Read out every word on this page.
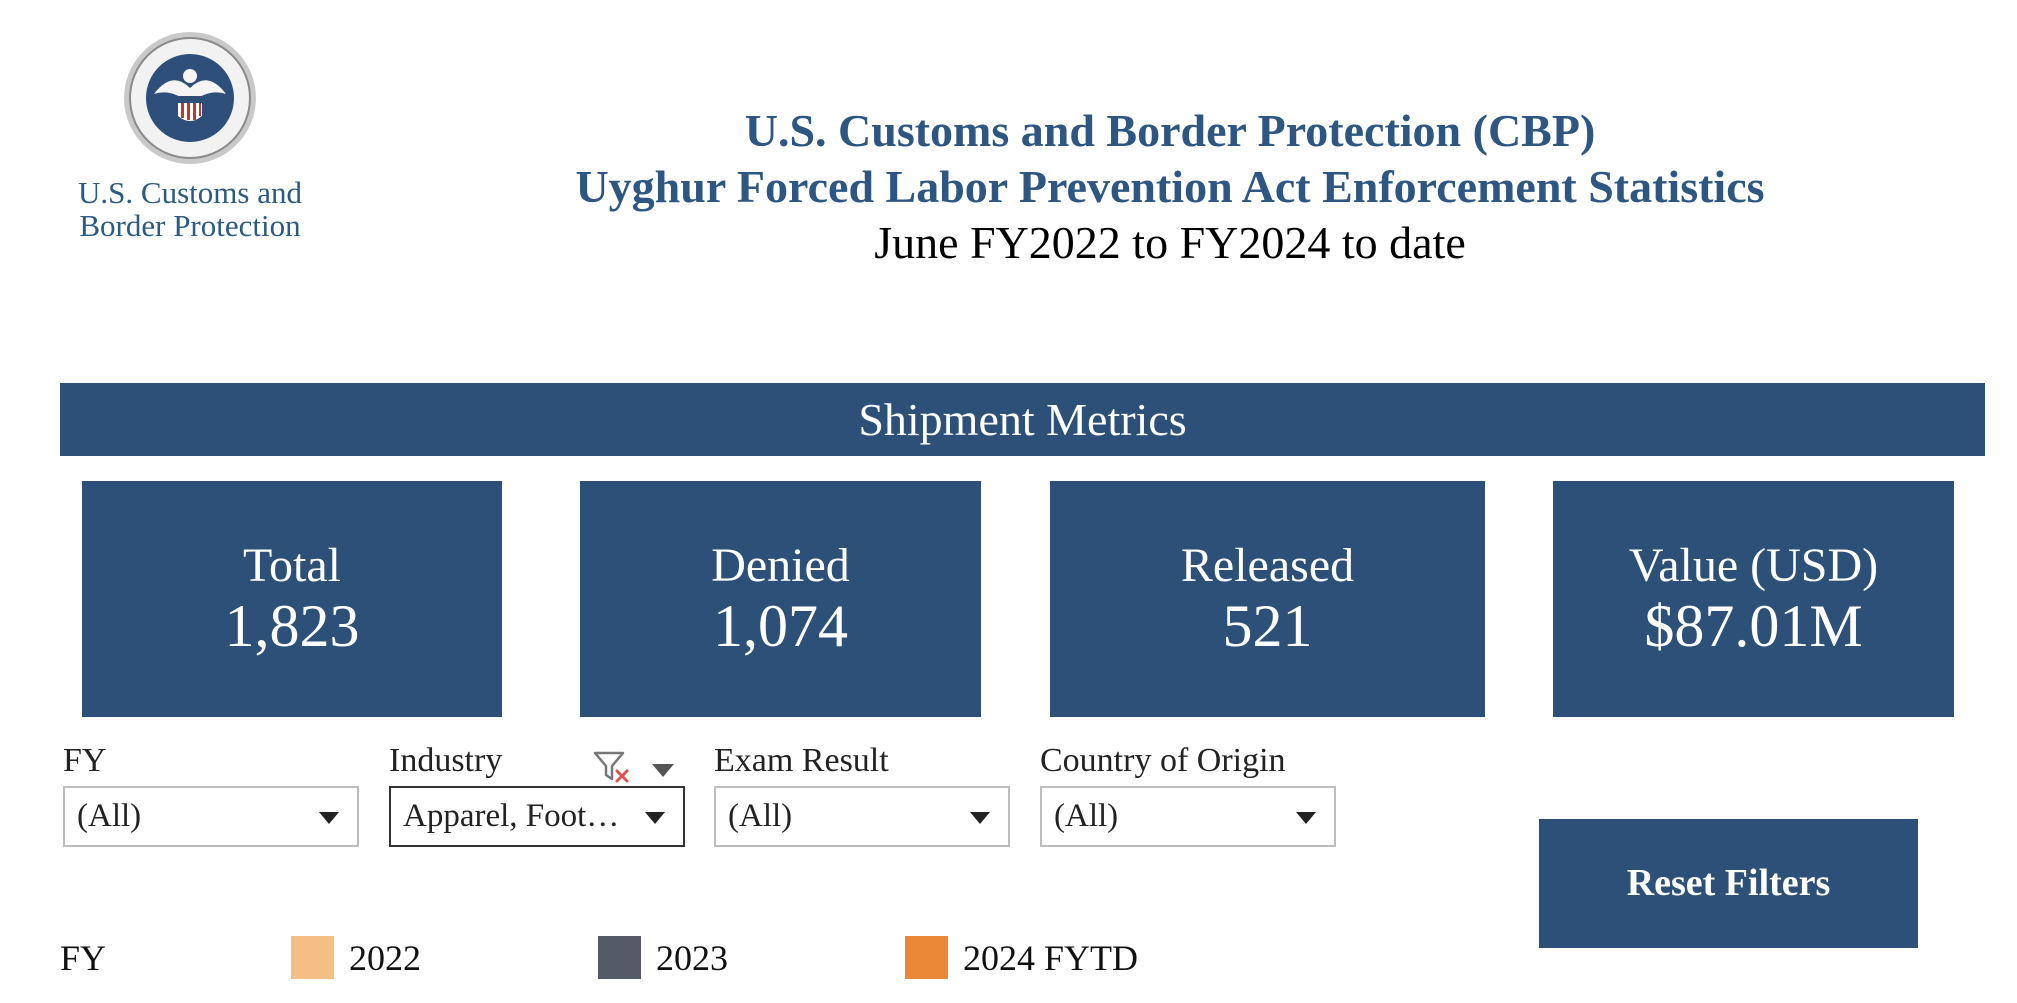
U.S. Customs and
Border Protection
U.S. Customs and Border Protection (CBP)
Uyghur Forced Labor Prevention Act Enforcement Statistics
June FY2022 to FY2024 to date
Shipment Metrics
Total
1,823
Denied
1,074
Released
521
Value (USD)
$87.01M
FY
(All)
Industry
Apparel, Foot…
Exam Result
(All)
Country of Origin
(All)
Reset Filters
FY	2022	2023	2024 FYTD
